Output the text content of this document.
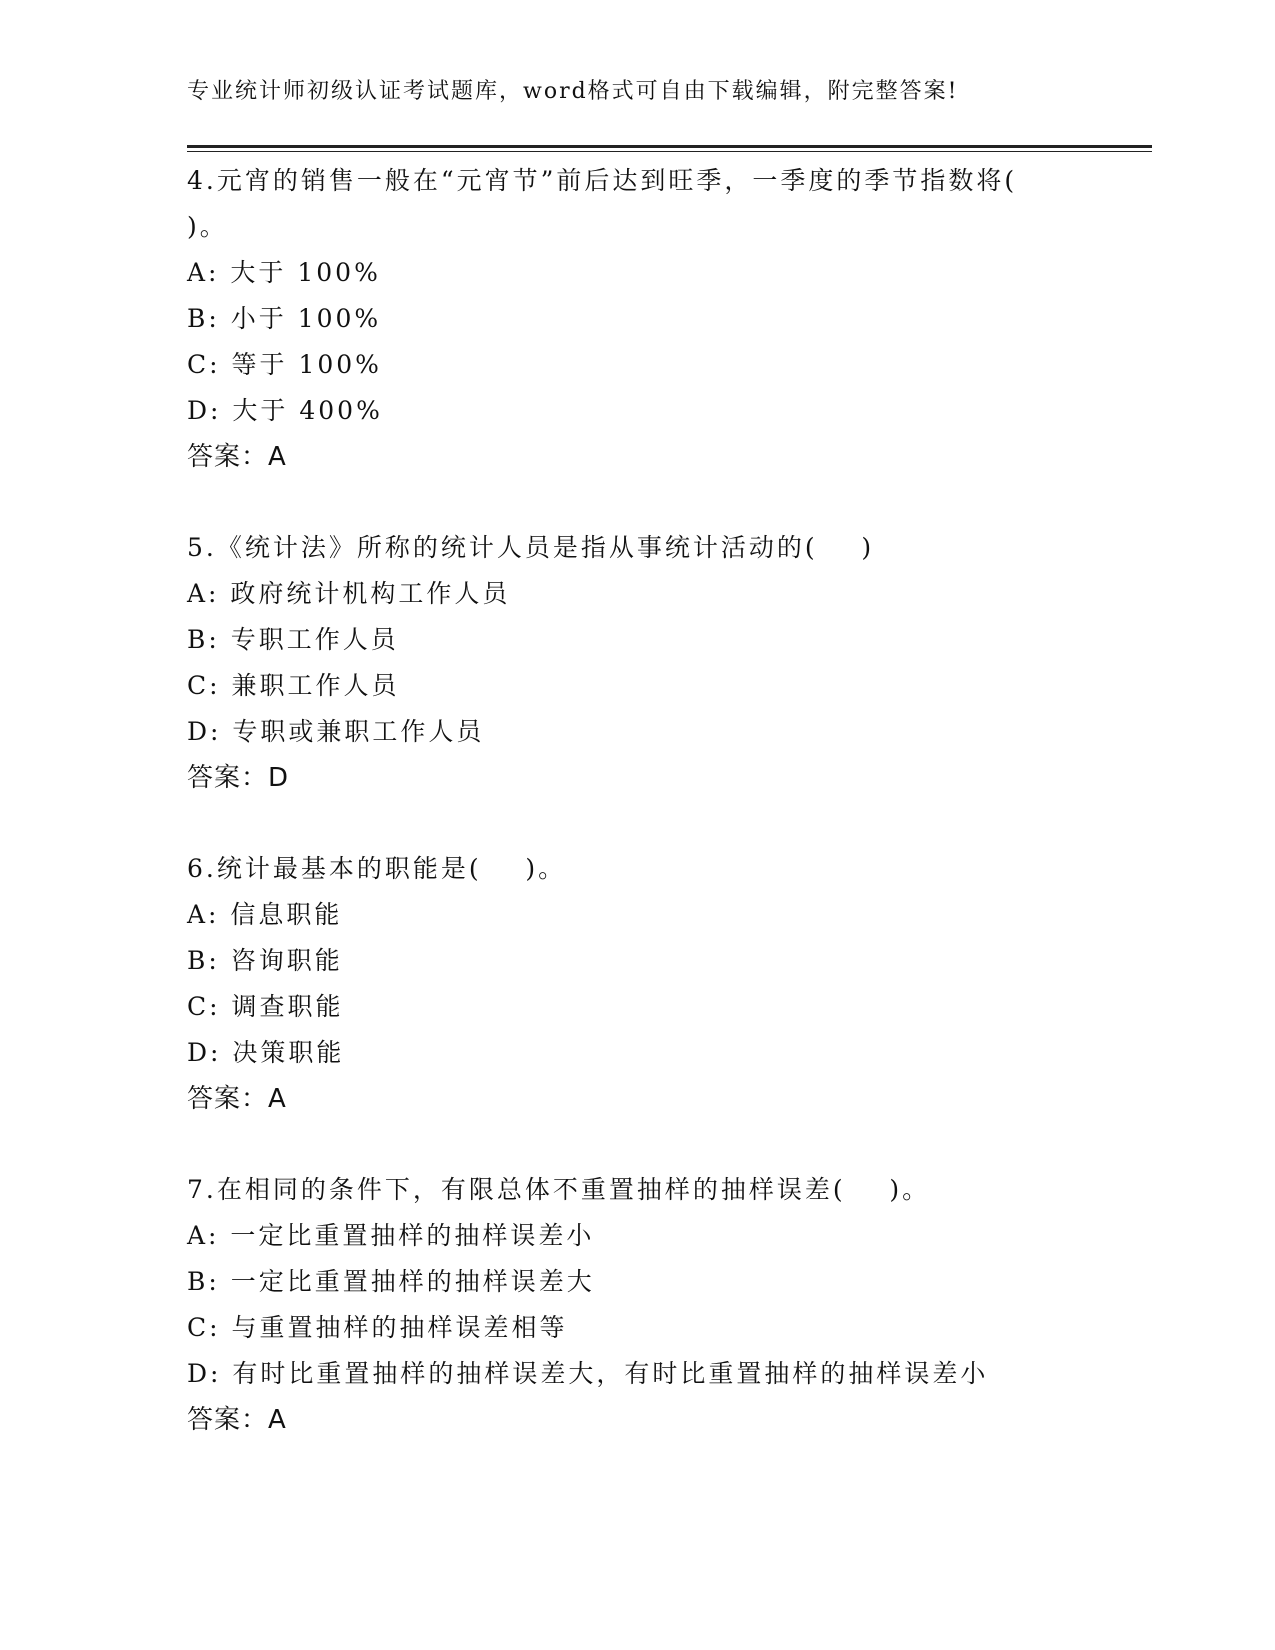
专业统计师初级认证考试题库，word格式可自由下载编辑，附完整答案!
4.元宵的销售一般在“元宵节”前后达到旺季，一季度的季节指数将(
)。
A: 大于 100%
B: 小于 100%
C: 等于 100%
D: 大于 400%
答案：A
5.《统计法》所称的统计人员是指从事统计活动的(    )
A: 政府统计机构工作人员
B: 专职工作人员
C: 兼职工作人员
D: 专职或兼职工作人员
答案：D
6.统计最基本的职能是(    )。
A: 信息职能
B: 咨询职能
C: 调查职能
D: 决策职能
答案：A
7.在相同的条件下，有限总体不重置抽样的抽样误差(    )。
A: 一定比重置抽样的抽样误差小
B: 一定比重置抽样的抽样误差大
C: 与重置抽样的抽样误差相等
D: 有时比重置抽样的抽样误差大，有时比重置抽样的抽样误差小
答案：A
